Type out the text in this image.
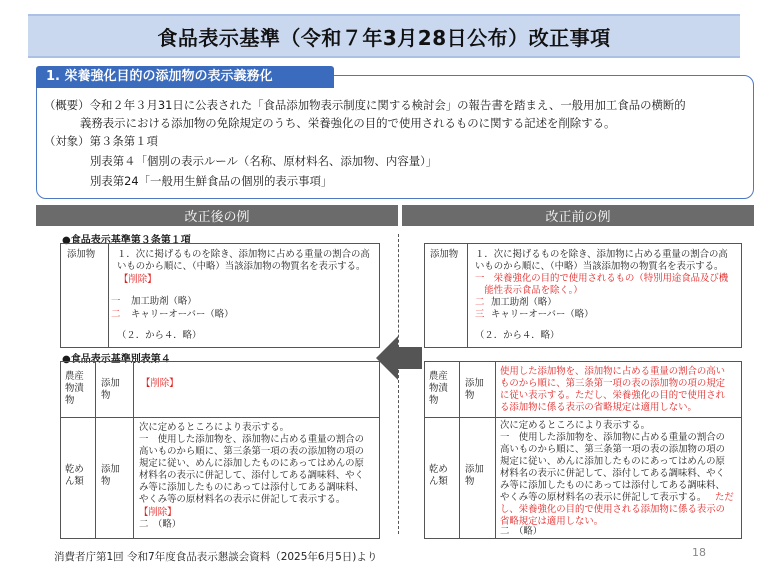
食品表示基準（令和７年3月28日公布）改正事項
1. 栄養強化目的の添加物の表示義務化
（概要）令和２年３月31日に公表された「食品添加物表示制度に関する検討会」の報告書を踏まえ、一般用加工食品の横断的
義務表示における添加物の免除規定のうち、栄養強化の目的で使用されるものに関する記述を削除する。
（対象）第３条第１項
別表第４「個別の表示ルール（名称、原材料名、添加物、内容量）」
別表第24「一般用生鮮食品の個別的表示事項」
改正後の例	改正前の例
●食品表示基準第３条第１項
添加物 １．次に掲げるものを除き、添加物に占める重量の割合の高
いものから順に、（中略）当該添加物の物質名を表示する。
【削除】
一 加工助剤（略）
二 キャリーオーバー（略）
（２．から４．略）
●食品表示基準別表第４
農産
物漬
物
添加
物
【削除】
乾め
ん類
添加
物
次に定めるところにより表示する。
一　使用した添加物を、添加物に占める重量の割合の
高いものから順に、第三条第一項の表の添加物の項の
規定に従い、めんに添加したものにあってはめんの原
材料名の表示に併記して、添付してある調味料、やく
み等に添加したものにあっては添付してある調味料、
やくみ等の原材料名の表示に併記して表示する。
【削除】
二　（略）
添加物 １．次に掲げるものを除き、添加物に占める重量の割合の高
いものから順に、（中略）当該添加物の物質名を表示する。
一　栄養強化の目的で使用されるもの（特別用途食品及び機
　能性表示食品を除く。）
二 加工助剤（略）
三 キャリーオーバー（略）
（２．から４．略）
農産
物漬
物
添加
物
使用した添加物を、添加物に占める重量の割合の高い
ものから順に、第三条第一項の表の添加物の項の規定
に従い表示する。ただし、栄養強化の目的で使用され
る添加物に係る表示の省略規定は適用しない。
乾め
ん類
添加
物
次に定めるところにより表示する。
一　使用した添加物を、添加物に占める重量の割合の
高いものから順に、第三条第一項の表の添加物の項の
規定に従い、めんに添加したものにあってはめんの原
材料名の表示に併記して、添付してある調味料、やく
み等に添加したものにあっては添付してある調味料、
やくみ等の原材料名の表示に併記して表示する。 ただ
し、栄養強化の目的で使用される添加物に係る表示の
省略規定は適用しない。
二　（略）
消費者庁第1回 令和7年度食品表示懇談会資料（2025年6月5日)より	18
